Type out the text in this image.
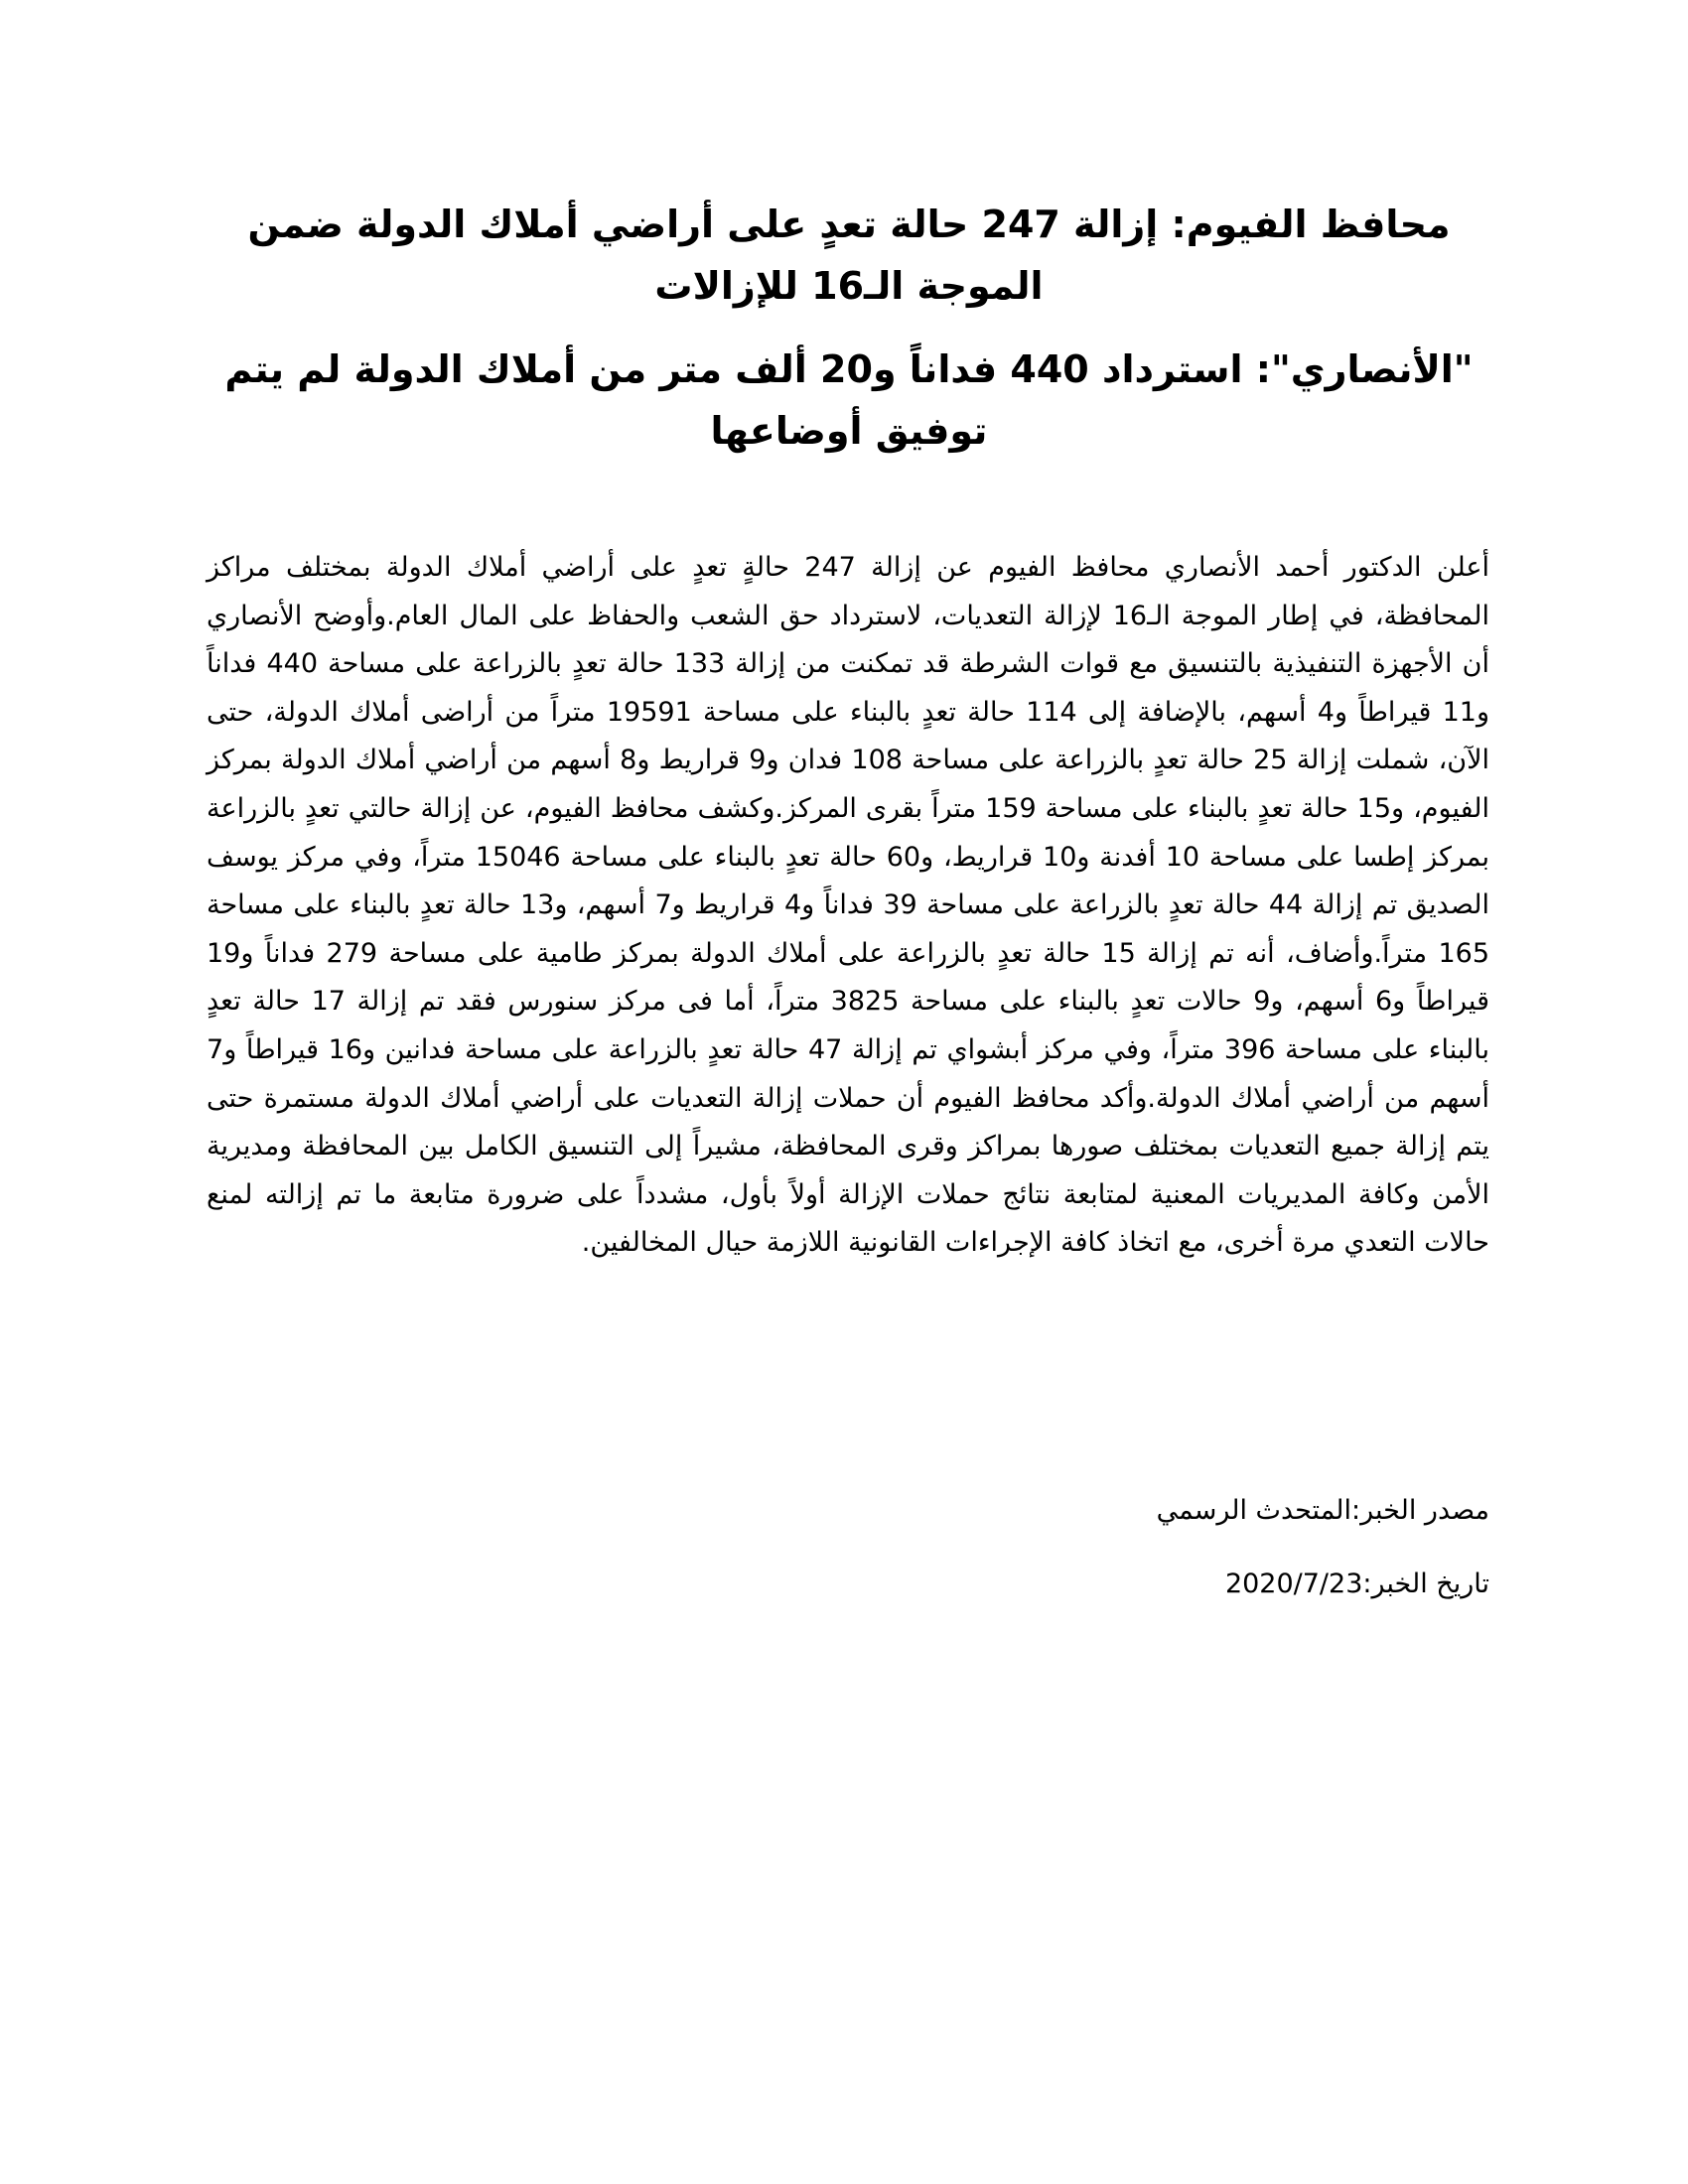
محافظ الفيوم: إزالة 247 حالة تعدٍ على أراضي أملاك الدولة ضمن الموجة الـ16 للإزالات
"الأنصاري": استرداد 440 فداناً و20 ألف متر من أملاك الدولة لم يتم توفيق أوضاعها

أعلن الدكتور أحمد الأنصاري محافظ الفيوم عن إزالة 247 حالةٍ تعدٍ على أراضي أملاك الدولة بمختلف مراكز المحافظة، في إطار الموجة الـ16 لإزالة التعديات، لاسترداد حق الشعب والحفاظ على المال العام.وأوضح الأنصاري أن الأجهزة التنفيذية بالتنسيق مع قوات الشرطة قد تمكنت من إزالة 133 حالة تعدٍ بالزراعة على مساحة 440 فداناً و11 قيراطاً و4 أسهم، بالإضافة إلى 114 حالة تعدٍ بالبناء على مساحة 19591 متراً من أراضى أملاك الدولة، حتى الآن، شملت إزالة 25 حالة تعدٍ بالزراعة على مساحة 108 فدان و9 قراريط و8 أسهم من أراضي أملاك الدولة بمركز الفيوم، و15 حالة تعدٍ بالبناء على مساحة 159 متراً بقرى المركز.وكشف محافظ الفيوم، عن إزالة حالتي تعدٍ بالزراعة بمركز إطسا على مساحة 10 أفدنة و10 قراريط، و60 حالة تعدٍ بالبناء على مساحة 15046 متراً، وفي مركز يوسف الصديق تم إزالة 44 حالة تعدٍ بالزراعة على مساحة 39 فداناً و4 قراريط و7 أسهم، و13 حالة تعدٍ بالبناء على مساحة 165 متراً.وأضاف، أنه تم إزالة 15 حالة تعدٍ بالزراعة على أملاك الدولة بمركز طامية على مساحة 279 فداناً و19 قيراطاً و6 أسهم، و9 حالات تعدٍ بالبناء على مساحة 3825 متراً، أما فى مركز سنورس فقد تم إزالة 17 حالة تعدٍ بالبناء على مساحة 396 متراً، وفي مركز أبشواي تم إزالة 47 حالة تعدٍ بالزراعة على مساحة فدانين و16 قيراطاً و7 أسهم من أراضي أملاك الدولة.وأكد محافظ الفيوم أن حملات إزالة التعديات على أراضي أملاك الدولة مستمرة حتى يتم إزالة جميع التعديات بمختلف صورها بمراكز وقرى المحافظة، مشيراً إلى التنسيق الكامل بين المحافظة ومديرية الأمن وكافة المديريات المعنية لمتابعة نتائج حملات الإزالة أولاً بأول، مشدداً على ضرورة متابعة ما تم إزالته لمنع حالات التعدي مرة أخرى، مع اتخاذ كافة الإجراءات القانونية اللازمة حيال المخالفين.

مصدر الخبر:المتحدث الرسمي

تاريخ الخبر:2020/7/23
